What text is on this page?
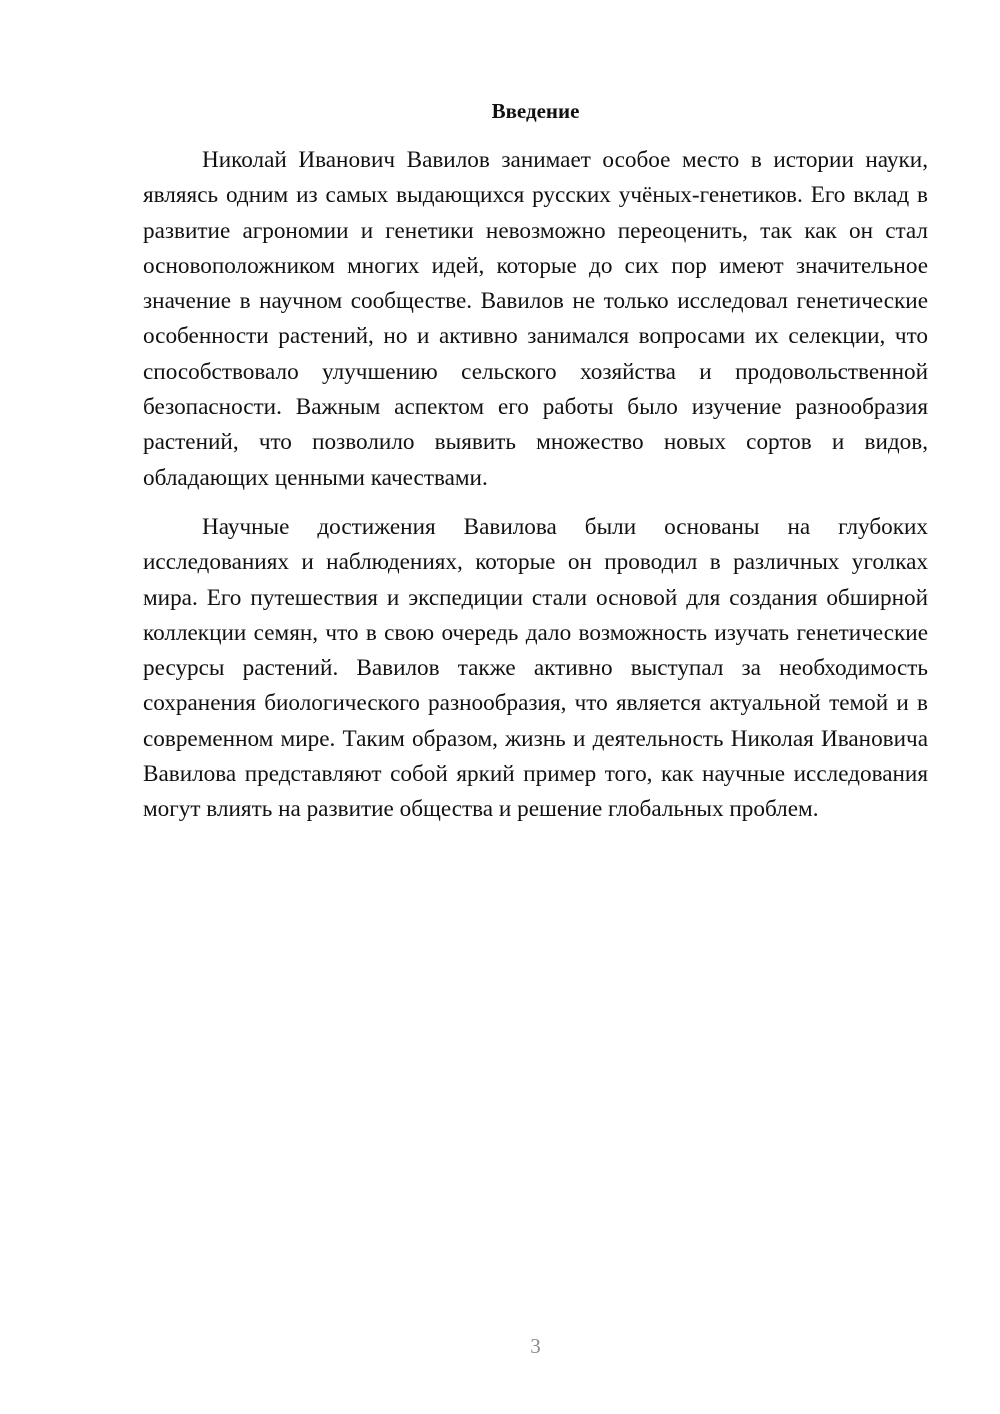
Введение

Николай Иванович Вавилов занимает особое место в истории науки, являясь одним из самых выдающихся русских учёных-генетиков. Его вклад в развитие агрономии и генетики невозможно переоценить, так как он стал основоположником многих идей, которые до сих пор имеют значительное значение в научном сообществе. Вавилов не только исследовал генетические особенности растений, но и активно занимался вопросами их селекции, что способствовало улучшению сельского хозяйства и продовольственной безопасности. Важным аспектом его работы было изучение разнообразия растений, что позволило выявить множество новых сортов и видов, обладающих ценными качествами.

Научные достижения Вавилова были основаны на глубоких исследованиях и наблюдениях, которые он проводил в различных уголках мира. Его путешествия и экспедиции стали основой для создания обширной коллекции семян, что в свою очередь дало возможность изучать генетические ресурсы растений. Вавилов также активно выступал за необходимость сохранения биологического разнообразия, что является актуальной темой и в современном мире. Таким образом, жизнь и деятельность Николая Ивановича Вавилова представляют собой яркий пример того, как научные исследования могут влиять на развитие общества и решение глобальных проблем.

3
